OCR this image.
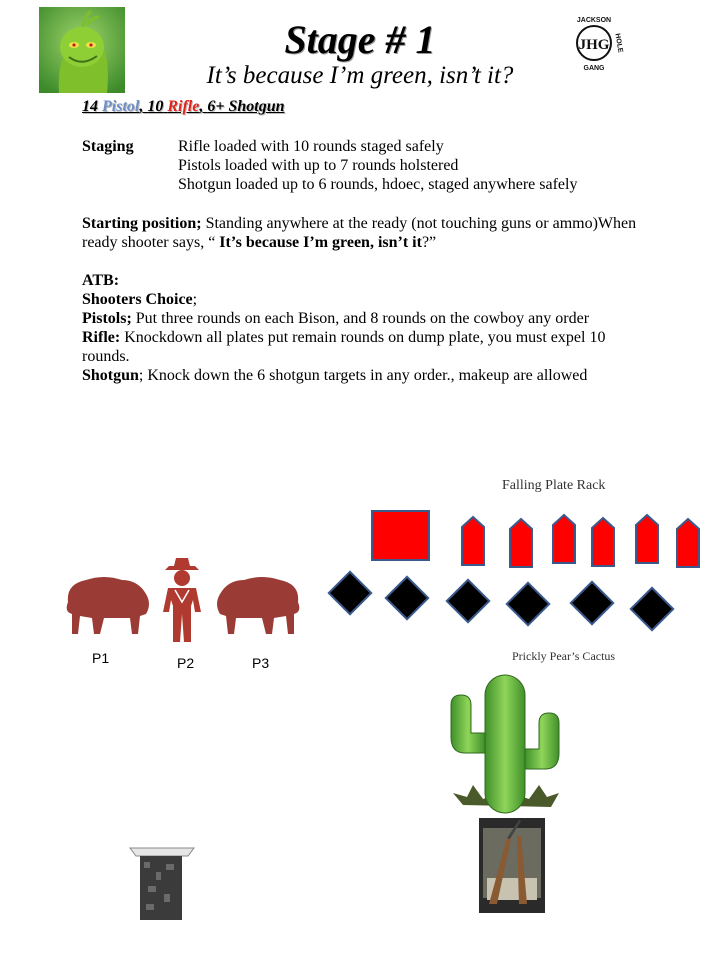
JHG
JACKSON
HOLE
GANG
Stage # 1
It’s because I’m green, isn’t it?
14 Pistol, 10 Rifle, 6+ Shotgun
Staging	Rifle loaded with 10 rounds staged safely
Pistols loaded with up to 7 rounds holstered
Shotgun loaded up to 6 rounds, hdoec, staged anywhere safely
Starting position; Standing anywhere at the ready (not touching guns or ammo)When ready shooter says, “ It’s because I’m green, isn’t it?”
ATB:
Shooters Choice;
Pistols; Put three rounds on each Bison, and 8 rounds on the cowboy any order
Rifle: Knockdown all plates put remain rounds on dump plate, you must expel 10 rounds.
Shotgun; Knock down the 6 shotgun targets in any order., makeup are allowed
Falling Plate Rack
Prickly Pear’s Cactus
P1	P2	P3
